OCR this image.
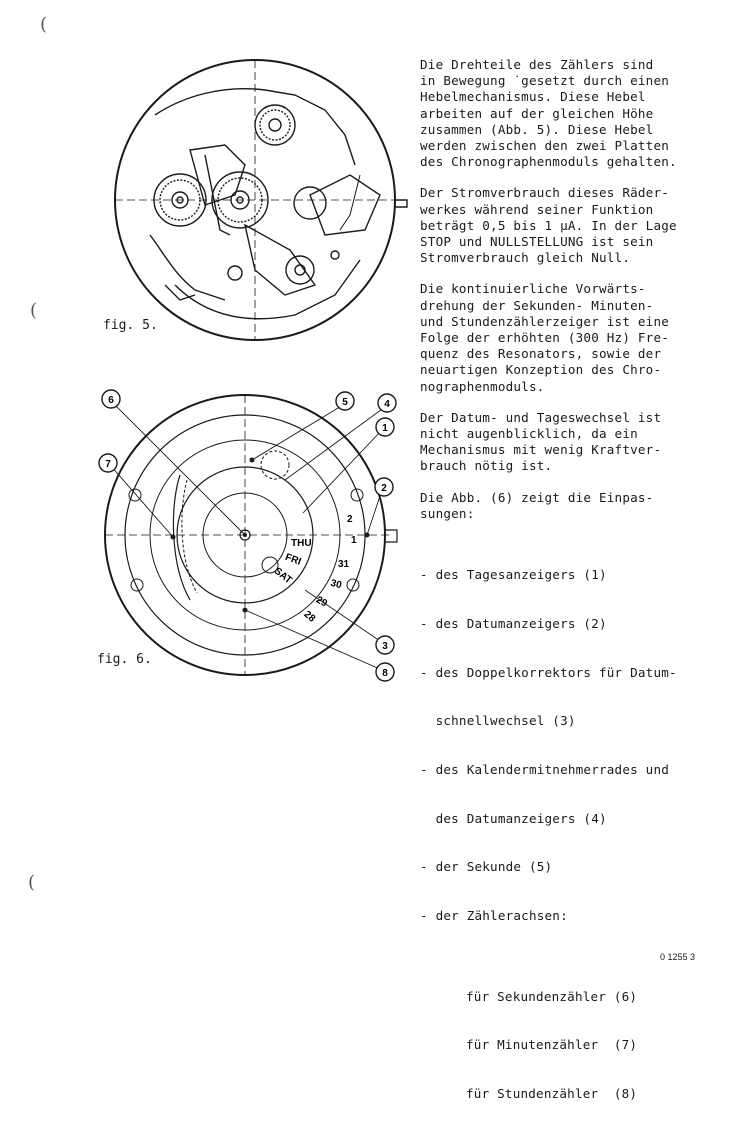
(
(
(
fig. 5.
THU
FRI
SAT
2
1
31
30
29
28
6	5	4
1
7
2
3
8
fig. 6.

Die Drehteile des Zählers sind
in Bewegung ˙gesetzt durch einen
Hebelmechanismus. Diese Hebel
arbeiten auf der gleichen Höhe
zusammen (Abb. 5). Diese Hebel
werden zwischen den zwei Platten
des Chronographenmoduls gehalten.

Der Stromverbrauch dieses Räder-
werkes während seiner Funktion
beträgt 0,5 bis 1 µA. In der Lage
STOP und NULLSTELLUNG ist sein
Stromverbrauch gleich Null.

Die kontinuierliche Vorwärts-
drehung der Sekunden- Minuten-
und Stundenzählerzeiger ist eine
Folge der erhöhten (300 Hz) Fre-
quenz des Resonators, sowie der
neuartigen Konzeption des Chro-
nographenmoduls.

Der Datum- und Tageswechsel ist
nicht augenblicklich, da ein
Mechanismus mit wenig Kraftver-
brauch nötig ist.

Die Abb. (6) zeigt die Einpas-
sungen:

- des Tagesanzeigers (1)

- des Datumanzeigers (2)

- des Doppelkorrektors für Datum-

schnellwechsel (3)

- des Kalendermitnehmerrades und

des Datumanzeigers (4)

- der Sekunde (5)

- der Zählerachsen:

für Sekundenzähler (6)

für Minutenzähler  (7)

für Stundenzähler  (8)

0 1255 3
